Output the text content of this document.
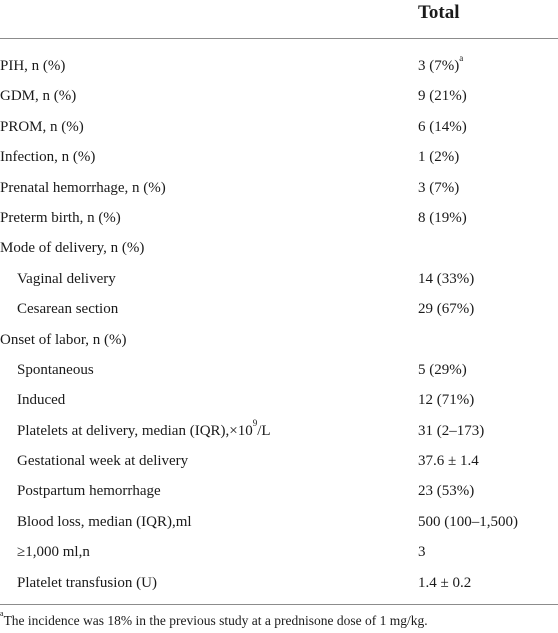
Total
PIH, n (%)	3 $(7\%)^a$
GDM, n (%)	9 (21%)
PROM, n (%)	6 (14%)
Infection, n (%)	1 (2%)
Prenatal hemorrhage, n (%)	3 (7%)
Preterm birth, n (%)	8 (19%)
Mode of delivery, n (%)
Vaginal delivery	14 (33%)
Cesarean section	29 (67%)
Onset of labor, n (%)
Spontaneous	5 (29%)
Induced	12 (71%)
Platelets at delivery, median $(IQR),\times 10^9/L$	31 (2–173)
Gestational week at delivery	37.6 ± 1.4
Postpartum hemorrhage	23 (53%)
Blood loss, median (IQR),ml	500 (100–1,500)
≥1,000 ml,n	3
Platelet transfusion (U)	1.4 ± 0.2
$^a$The incidence was 18% in the previous study at a prednisone dose of 1 mg/kg.
